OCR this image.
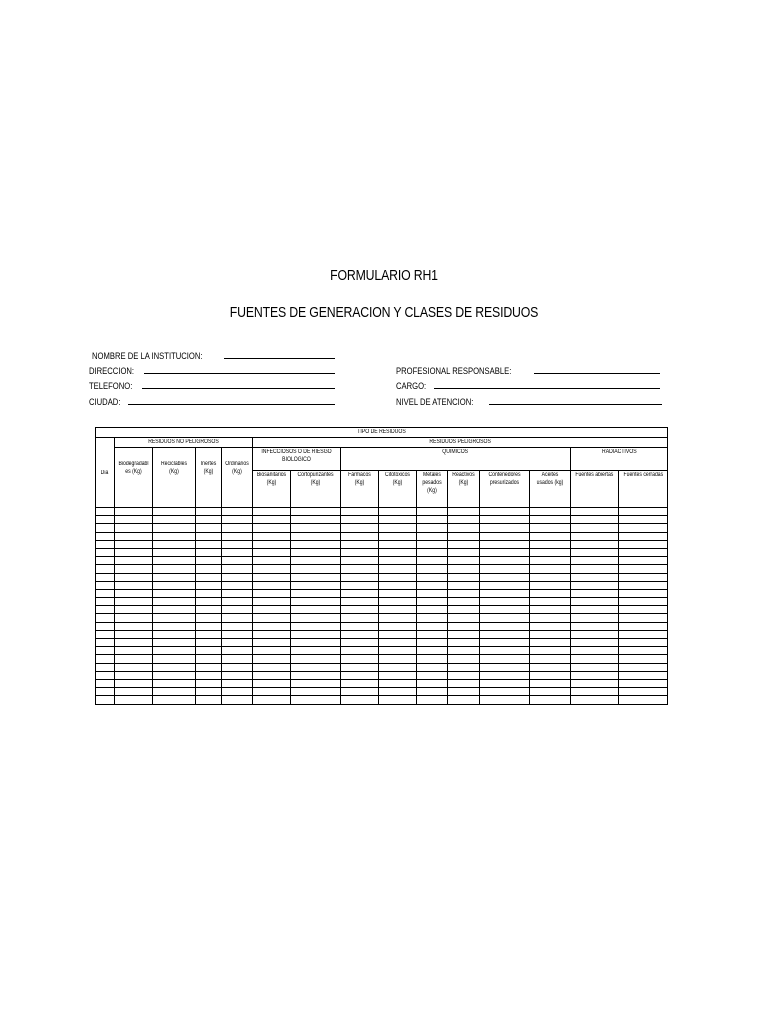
FORMULARIO RH1
FUENTES DE GENERACION Y CLASES DE RESIDUOS
NOMBRE DE LA INSTITUCION:
DIRECCION:
TELEFONO:
CIUDAD:
PROFESIONAL RESPONSABLE:
CARGO:
NIVEL DE ATENCION:
TIPO DE RESIDUOS														
Dia	RESIDUOS NO PELIGROSOS				RESIDUOS PELIGROSOS									
	Biodegradabl es (Kg)	Reciclables (Kg)	Inertes (Kg)	Ordinarios (Kg)	INFECCIOSOS O DE RIESGO BIOLOGICO		QUIMICOS						RADIACTIVOS	
					Biosanitarios (Kg)	Cortopunzantes (Kg)	Fármacos (Kg)	Citotóxicos (Kg)	Metales pesados (Kg)	Reactivos (Kg)	Contenedores presurizados	Aceites usados (kg)	Fuentes abiertas	Fuentes cerradas
